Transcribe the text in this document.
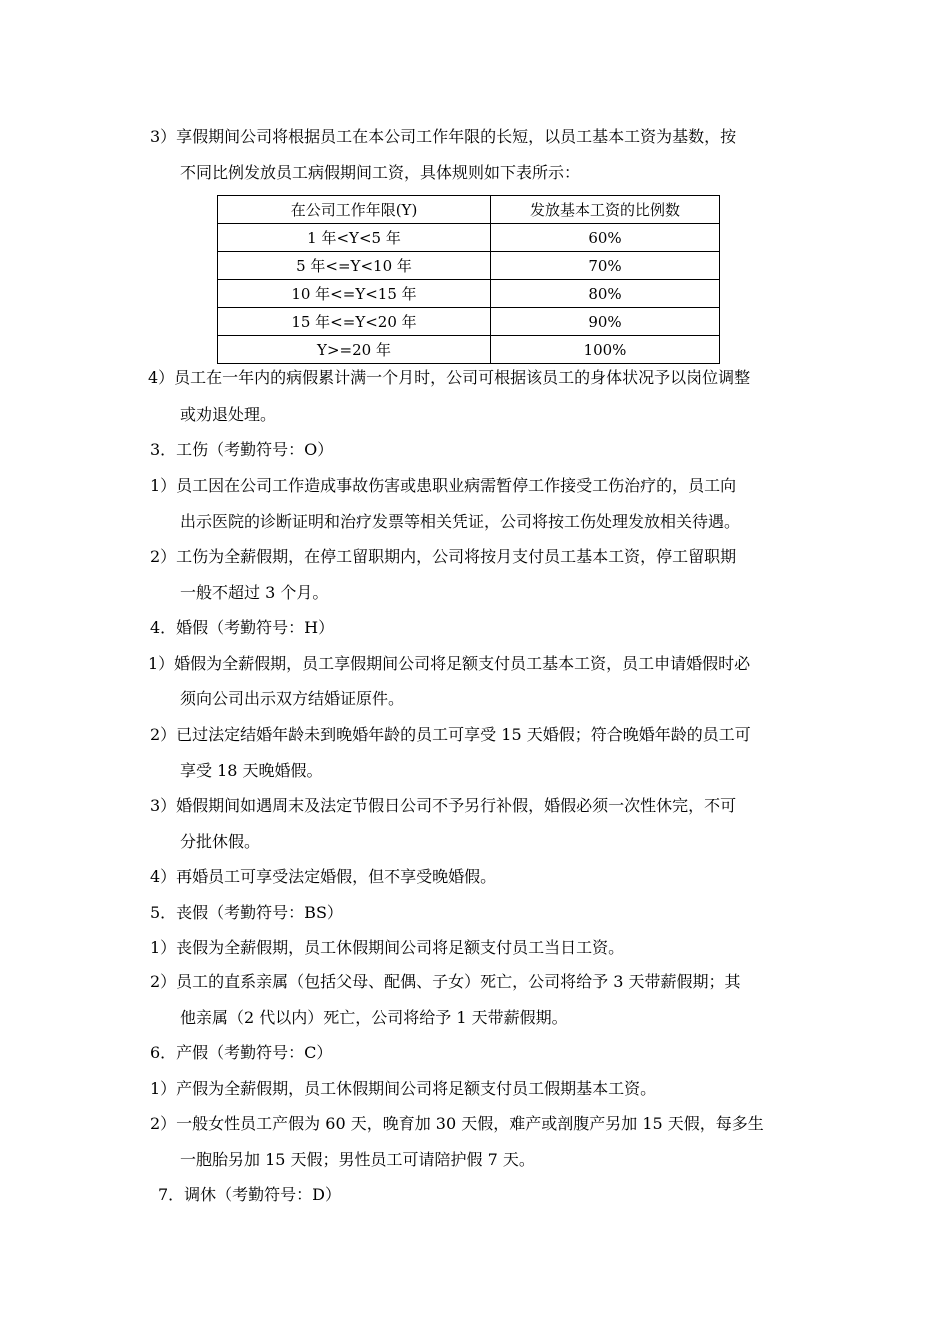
3）享假期间公司将根据员工在本公司工作年限的长短，以员工基本工资为基数，按
不同比例发放员工病假期间工资，具体规则如下表所示：
在公司工作年限(Y)	发放基本工资的比例数
1 年<Y<5 年	60%
5 年<=Y<10 年	70%
10 年<=Y<15 年	80%
15 年<=Y<20 年	90%
Y>=20 年	100%
4）员工在一年内的病假累计满一个月时，公司可根据该员工的身体状况予以岗位调整
或劝退处理。
3．工伤（考勤符号：O）
1）员工因在公司工作造成事故伤害或患职业病需暂停工作接受工伤治疗的，员工向
出示医院的诊断证明和治疗发票等相关凭证，公司将按工伤处理发放相关待遇。
2）工伤为全薪假期，在停工留职期内，公司将按月支付员工基本工资，停工留职期
一般不超过 3 个月。
4．婚假（考勤符号：H）
1）婚假为全薪假期，员工享假期间公司将足额支付员工基本工资，员工申请婚假时必
须向公司出示双方结婚证原件。
2）已过法定结婚年龄未到晚婚年龄的员工可享受 15 天婚假；符合晚婚年龄的员工可
享受 18 天晚婚假。
3）婚假期间如遇周末及法定节假日公司不予另行补假，婚假必须一次性休完，不可
分批休假。
4）再婚员工可享受法定婚假，但不享受晚婚假。
5．丧假（考勤符号：BS）
1）丧假为全薪假期，员工休假期间公司将足额支付员工当日工资。
2）员工的直系亲属（包括父母、配偶、子女）死亡，公司将给予 3 天带薪假期；其
他亲属（2 代以内）死亡，公司将给予 1 天带薪假期。
6．产假（考勤符号：C）
1）产假为全薪假期，员工休假期间公司将足额支付员工假期基本工资。
2）一般女性员工产假为 60 天，晚育加 30 天假，难产或剖腹产另加 15 天假，每多生
一胞胎另加 15 天假；男性员工可请陪护假 7 天。
7．调休（考勤符号：D）
